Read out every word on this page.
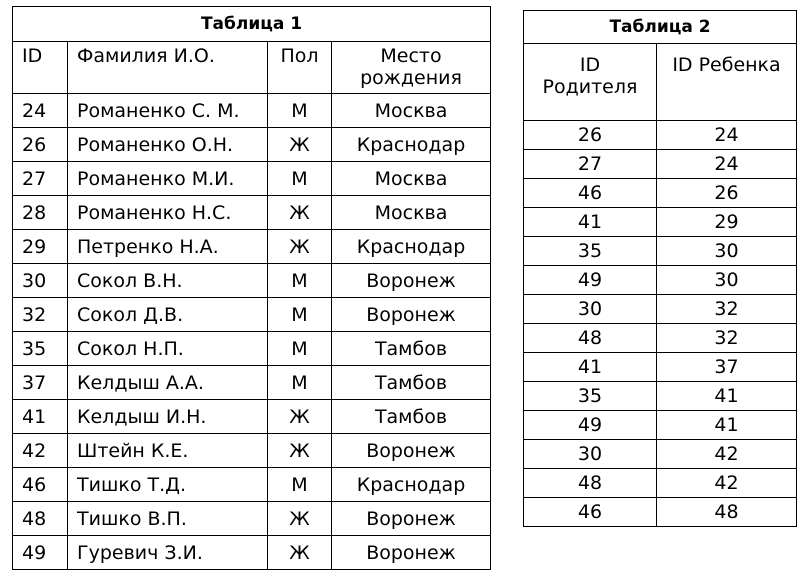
Таблица 1			
ID	Фамилия И.О.	Пол	Место
рождения
24	Романенко С. М.	М	Москва
26	Романенко О.Н.	Ж	Краснодар
27	Романенко М.И.	М	Москва
28	Романенко Н.С.	Ж	Москва
29	Петренко Н.А.	Ж	Краснодар
30	Сокол В.Н.	М	Воронеж
32	Сокол Д.В.	М	Воронеж
35	Сокол Н.П.	М	Тамбов
37	Келдыш А.А.	М	Тамбов
41	Келдыш И.Н.	Ж	Тамбов
42	Штейн К.Е.	Ж	Воронеж
46	Тишко Т.Д.	М	Краснодар
48	Тишко В.П.	Ж	Воронеж
49	Гуревич З.И.	Ж	Воронеж
Таблица 2	
ID
Родителя	ID Ребенка
26	24
27	24
46	26
41	29
35	30
49	30
30	32
48	32
41	37
35	41
49	41
30	42
48	42
46	48
